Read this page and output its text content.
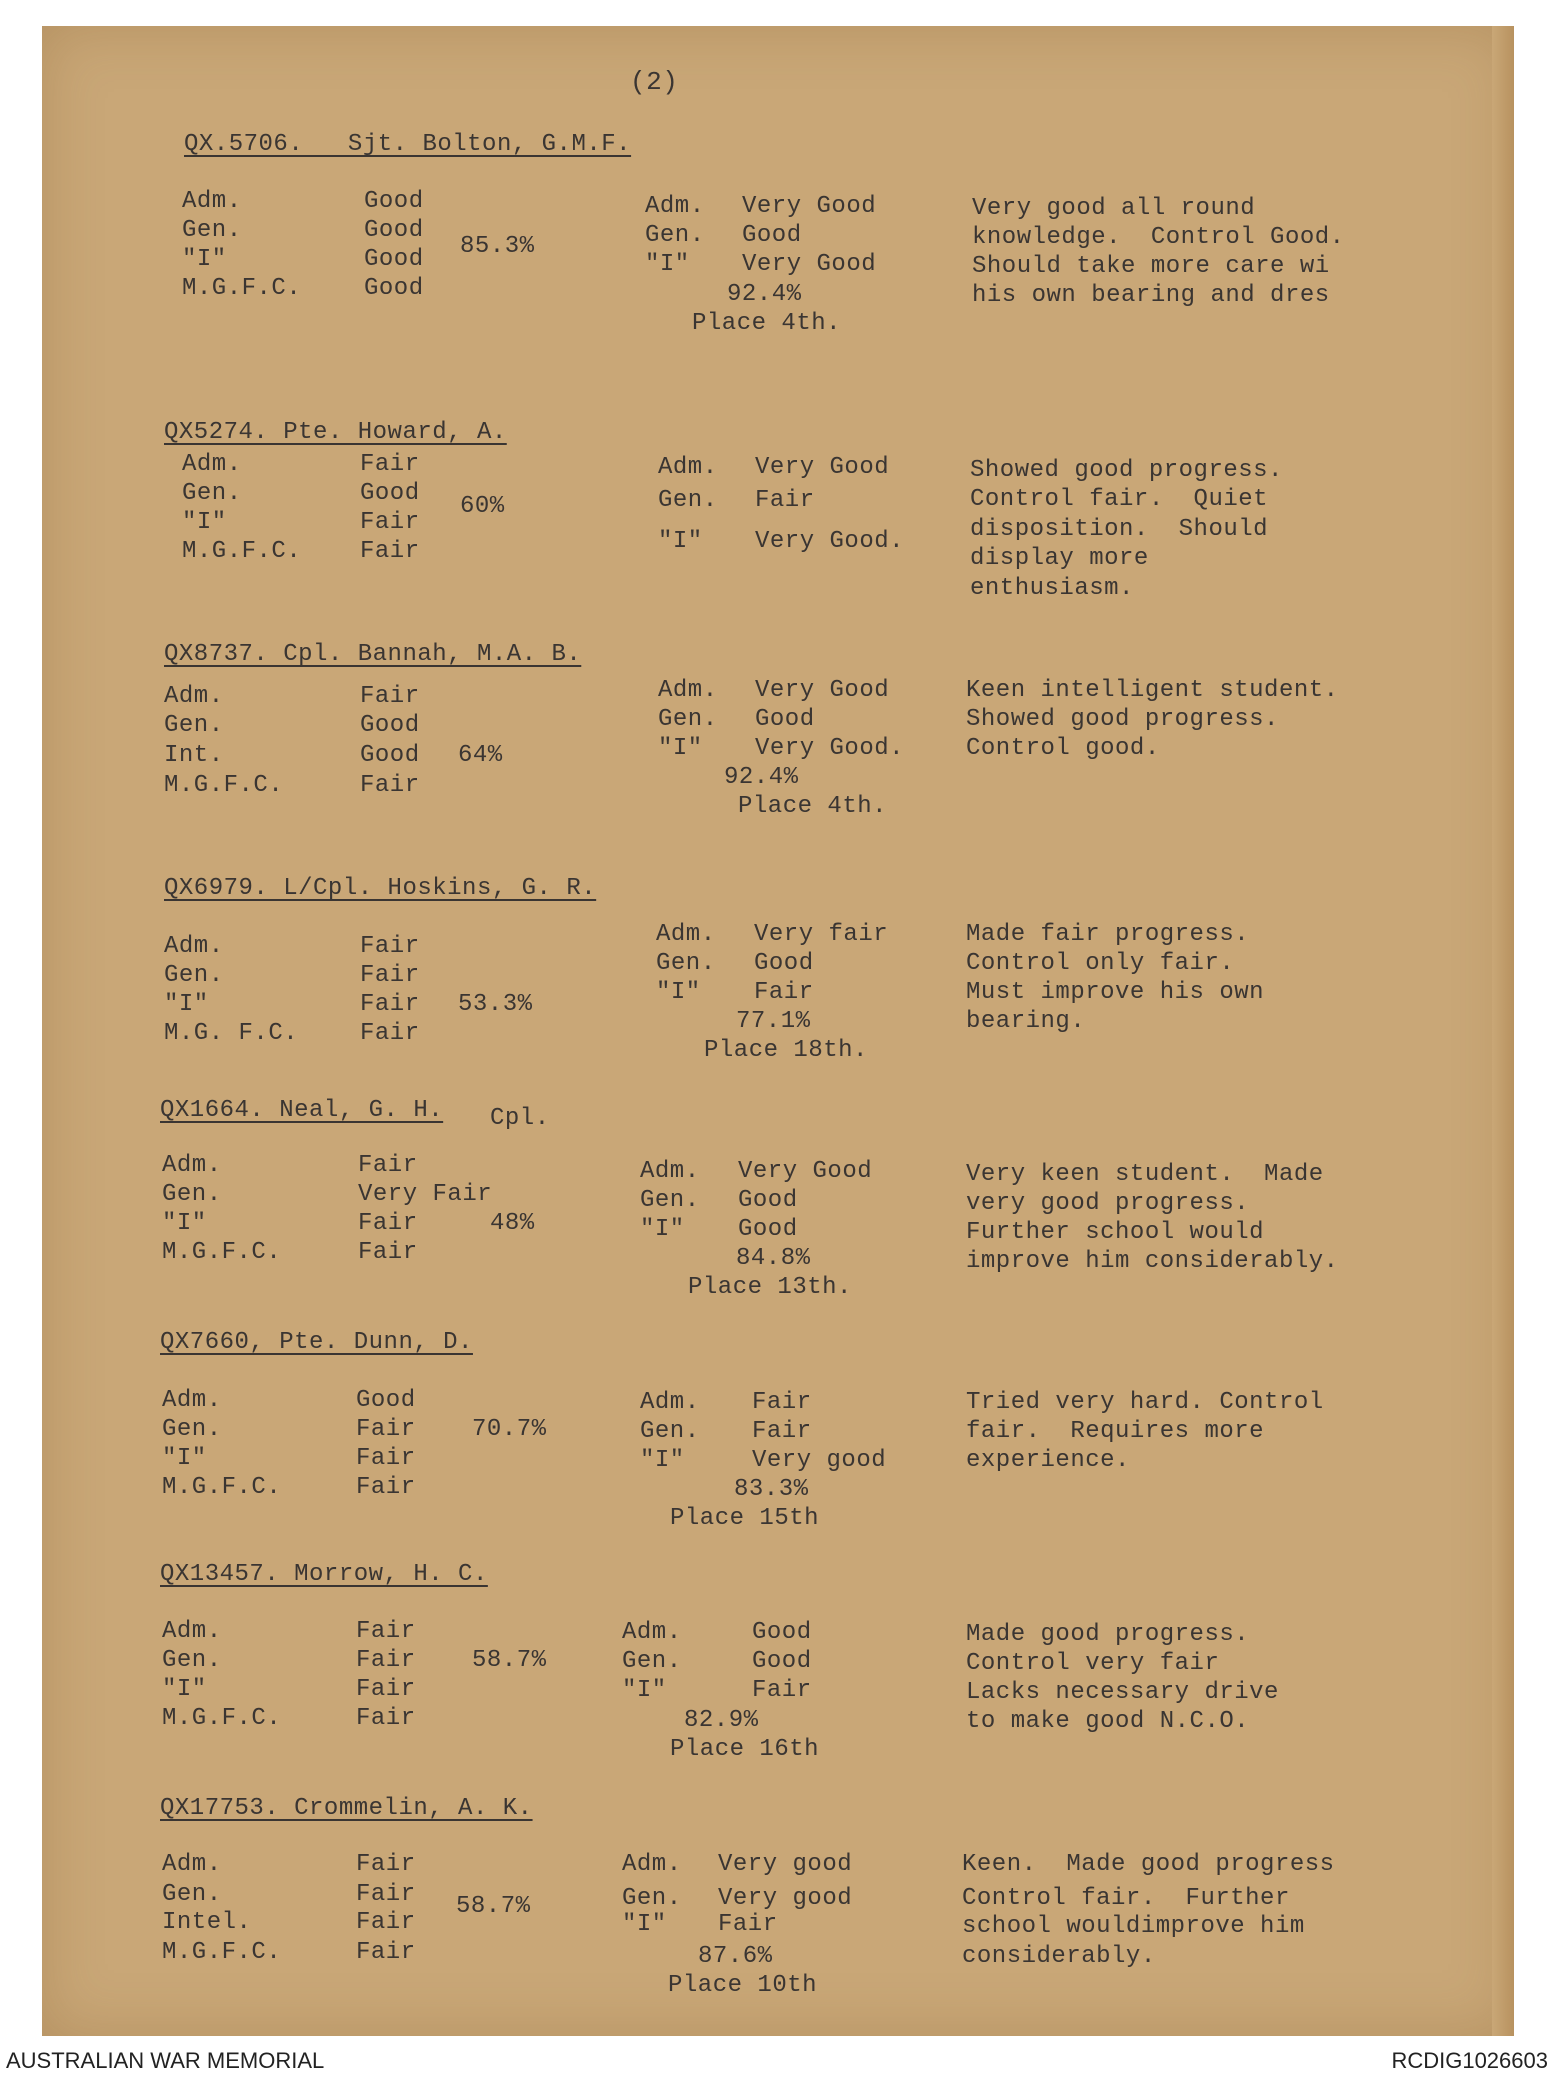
(2)
QX.5706.   Sjt. Bolton, G.M.F.
Adm.
Gen.
"I"
M.G.F.C.
Good
Good
Good
Good
85.3%
Adm.
Gen.
"I"
Very Good
Good
Very Good
92.4%
Place 4th.
Very good all round
knowledge.  Control Good.
Should take more care wi
his own bearing and dres
QX5274. Pte. Howard, A.
Adm.
Gen.
"I"
M.G.F.C.
Fair
Good
Fair
Fair
60%
Adm.
Gen.
"I"
Very Good
Fair
Very Good.
Showed good progress.
Control fair.  Quiet
disposition.  Should
display more
enthusiasm.
QX8737. Cpl. Bannah, M.A. B.
Adm.
Gen.
Int.
M.G.F.C.
Fair
Good
Good
Fair
64%
Adm.
Gen.
"I"
Very Good
Good
Very Good.
92.4%
Place 4th.
Keen intelligent student.
Showed good progress.
Control good.
QX6979. L/Cpl. Hoskins, G. R.
Adm.
Gen.
"I"
M.G. F.C.
Fair
Fair
Fair
Fair
53.3%
Adm.
Gen.
"I"
Very fair
Good
Fair
77.1%
Place 18th.
Made fair progress.
Control only fair.
Must improve his own
bearing.
QX1664. Neal, G. H. Cpl.
Adm.
Gen.
"I"
M.G.F.C.
Fair
Very Fair
Fair
Fair
48%
Adm.
Gen.
"I"
Very Good
Good
Good
84.8%
Place 13th.
Very keen student.  Made
very good progress.
Further school would
improve him considerably.
QX7660, Pte. Dunn, D.
Adm.
Gen.
"I"
M.G.F.C.
Good
Fair
Fair
Fair
70.7%
Adm.
Gen.
"I"
Fair
Fair
Very good
83.3%
Place 15th
Tried very hard. Control
fair.  Requires more
experience.
QX13457. Morrow, H. C.
Adm.
Gen.
"I"
M.G.F.C.
Fair
Fair
Fair
Fair
58.7%
Adm.
Gen.
"I"
Good
Good
Fair
82.9%
Place 16th
Made good progress.
Control very fair
Lacks necessary drive
to make good N.C.O.
QX17753. Crommelin, A. K.
Adm.
Gen.
Intel.
M.G.F.C.
Fair
Fair
Fair
Fair
58.7%
Adm.
Gen.
"I"
Very good
Very good
Fair
87.6%
Place 10th
Keen.  Made good progress
Control fair.  Further
school wouldimprove him
considerably.
AUSTRALIAN WAR MEMORIAL	RCDIG1026603
